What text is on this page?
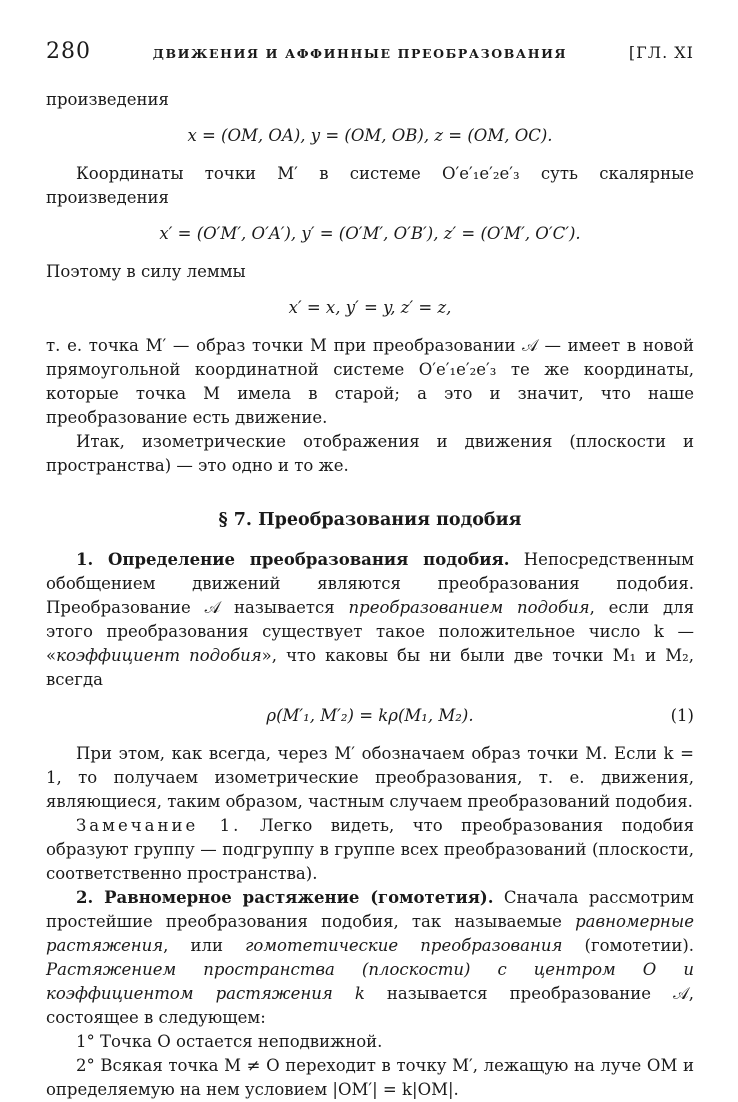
280	ДВИЖЕНИЯ И АФФИННЫЕ ПРЕОБРАЗОВАНИЯ	[ГЛ. XI

произведения

x = (OM, OA), y = (OM, OB), z = (OM, OC).

Координаты точки M′ в системе O′e′₁e′₂e′₃ суть скалярные произведения

x′ = (O′M′, O′A′), y′ = (O′M′, O′B′), z′ = (O′M′, O′C′).

Поэтому в силу леммы

x′ = x, y′ = y, z′ = z,

т. е. точка M′ — образ точки M при преобразовании 𝒜 — имеет в новой прямоугольной координатной системе O′e′₁e′₂e′₃ те же координаты, которые точка M имела в старой; а это и значит, что наше преобразование есть движение.

Итак, изометрические отображения и движения (плоскости и пространства) — это одно и то же.

§ 7. Преобразования подобия

1. Определение преобразования подобия. Непосредственным обобщением движений являются преобразования подобия. Преобразование 𝒜 называется преобразованием подобия, если для этого преобразования существует такое положительное число k — «коэффициент подобия», что каковы бы ни были две точки M₁ и M₂, всегда

ρ(M′₁, M′₂) = kρ(M₁, M₂).	(1)

При этом, как всегда, через M′ обозначаем образ точки M. Если k = 1, то получаем изометрические преобразования, т. е. движения, являющиеся, таким образом, частным случаем преобразований подобия.

Замечание 1. Легко видеть, что преобразования подобия образуют группу — подгруппу в группе всех преобразований (плоскости, соответственно пространства).

2. Равномерное растяжение (гомотетия). Сначала рассмотрим простейшие преобразования подобия, так называемые равномерные растяжения, или гомотетические преобразования (гомотетии). Растяжением пространства (плоскости) с центром O и коэффициентом растяжения k называется преобразование 𝒜, состоящее в следующем:

1° Точка O остается неподвижной.

2° Всякая точка M ≠ O переходит в точку M′, лежащую на луче OM и определяемую на нем условием |OM′| = k|OM|.
